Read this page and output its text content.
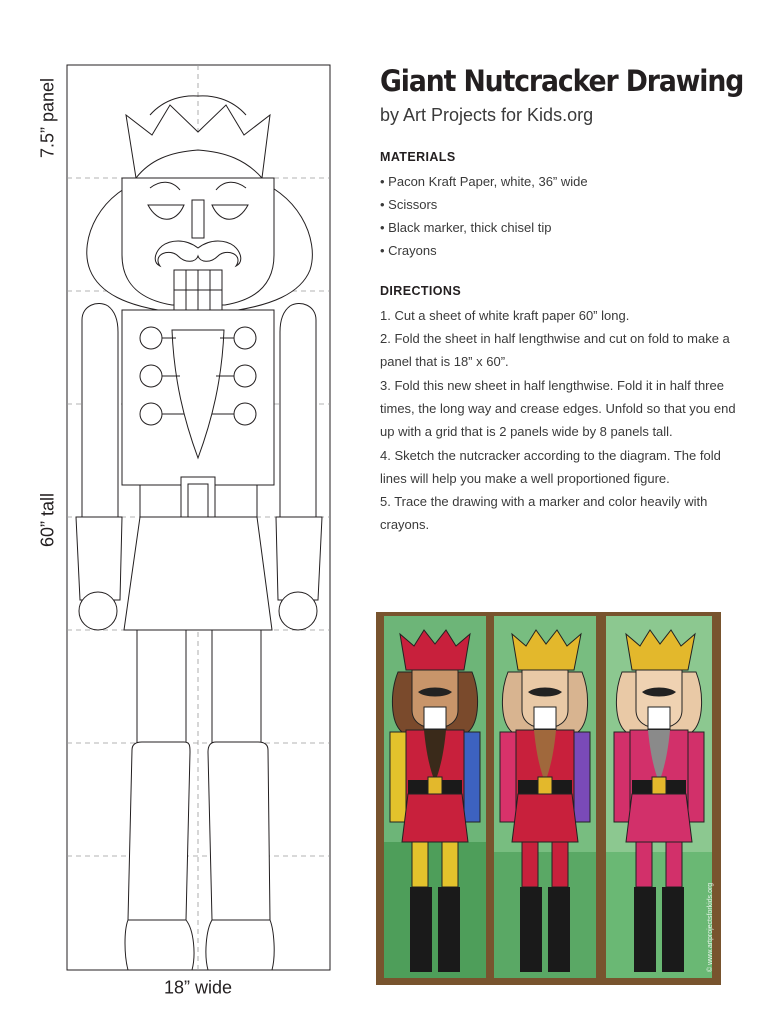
7.5” panel
60” tall
18” wide
Giant Nutcracker Drawing
by Art Projects for Kids.org
MATERIALS
• Pacon Kraft Paper, white, 36” wide
• Scissors
• Black marker, thick chisel tip
• Crayons
DIRECTIONS

1. Cut a sheet of white kraft paper 60” long.

2. Fold the sheet in half lengthwise and cut on fold to make a panel that is 18” x 60”.

3. Fold this new sheet in half lengthwise. Fold it in half three times, the long way and crease edges. Unfold so that you end up with a grid that is 2 panels wide by 8 panels tall.

4. Sketch the nutcracker according to the diagram. The fold lines will help you make a well proportioned figure.

5. Trace the drawing with a marker and color heavily with crayons.

© www.artprojectsforkids.org
